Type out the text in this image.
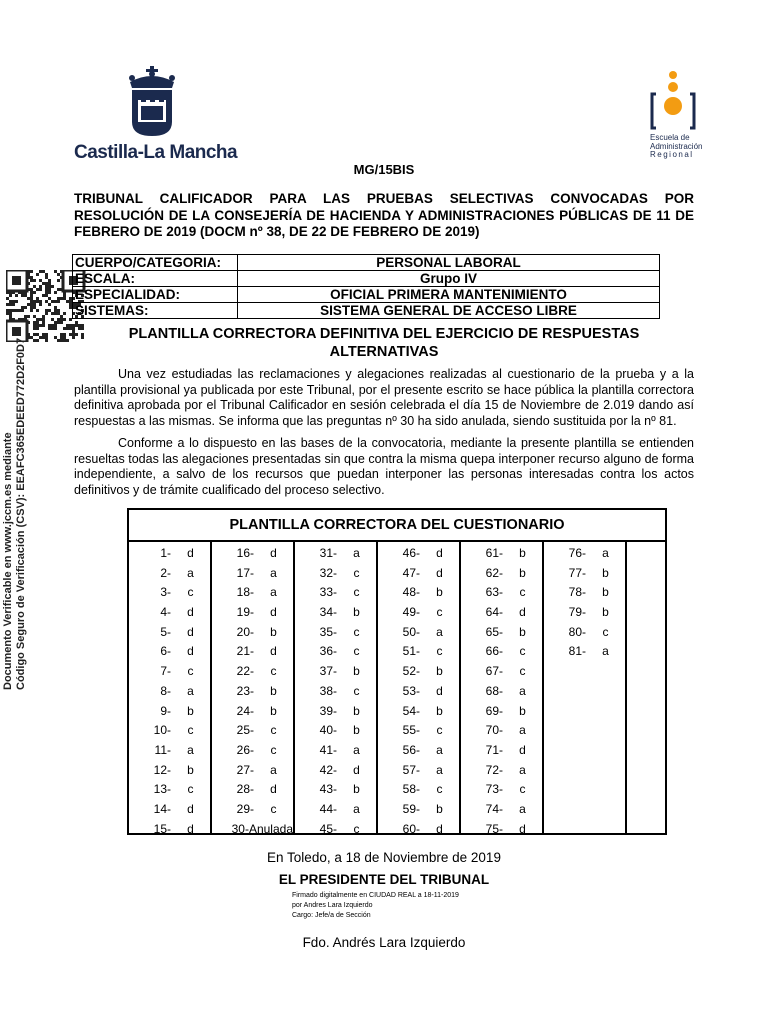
Castilla-La Mancha
Escuela de
Administración
Regional
Documento Verificable en www.jccm.es mediante Código Seguro de Verificación (CSV): EEAFC365EDEED772D2F0D7
MG/15BIS
TRIBUNAL CALIFICADOR PARA LAS PRUEBAS SELECTIVAS CONVOCADAS POR RESOLUCIÓN DE LA CONSEJERÍA DE HACIENDA Y ADMINISTRACIONES PÚBLICAS DE 11 DE FEBRERO DE 2019 (DOCM nº 38, DE 22 DE FEBRERO DE 2019)
CUERPO/CATEGORIA:	PERSONAL LABORAL
ESCALA:	Grupo IV
ESPECIALIDAD:	OFICIAL PRIMERA MANTENIMIENTO
SISTEMAS:	SISTEMA GENERAL DE ACCESO LIBRE
PLANTILLA CORRECTORA DEFINITIVA DEL EJERCICIO DE RESPUESTAS ALTERNATIVAS
Una vez estudiadas las reclamaciones y alegaciones realizadas al cuestionario de la prueba y a la plantilla provisional ya publicada por este Tribunal, por el presente escrito se hace pública la plantilla correctora definitiva aprobada por el Tribunal Calificador en sesión celebrada el día 15 de Noviembre de 2.019 dando así respuestas a las mismas. Se informa que las preguntas nº 30 ha sido anulada, siendo sustituida por la nº 81.
Conforme a lo dispuesto en las bases de la convocatoria, mediante la presente plantilla se entienden resueltas todas las alegaciones presentadas sin que contra la misma quepa interponer recurso alguno de forma independiente, a salvo de los recursos que puedan interponer las personas interesadas contra los actos definitivos y de trámite cualificado del proceso selectivo.
PLANTILLA CORRECTORA DEL CUESTIONARIO
1-	d
2-	a
3-	c
4-	d
5-	d
6-	d
7-	c
8-	a
9-	b
10-	c
11-	a
12-	b
13-	c
14-	d
15-	d
16-	d
17-	a
18-	a
19-	d
20-	b
21-	d
22-	c
23-	b
24-	b
25-	c
26-	c
27-	a
28-	d
29-	c
30- Anulada
31-	a
32-	c
33-	c
34-	b
35-	c
36-	c
37-	b
38-	c
39-	b
40-	b
41-	a
42-	d
43-	b
44-	a
45-	c
46-	d
47-	d
48-	b
49-	c
50-	a
51-	c
52-	b
53-	d
54-	b
55-	c
56-	a
57-	a
58-	c
59-	b
60-	d
61-	b
62-	b
63-	c
64-	d
65-	b
66-	c
67-	c
68-	a
69-	b
70-	a
71-	d
72-	a
73-	c
74-	a
75-	d
76-	a
77-	b
78-	b
79-	b
80-	c
81-	a
En Toledo, a 18 de Noviembre de 2019
EL PRESIDENTE DEL TRIBUNAL
Firmado digitalmente en CIUDAD REAL a 18-11-2019
por Andres Lara Izquierdo
Cargo: Jefe/a de Sección
Fdo. Andrés Lara Izquierdo
